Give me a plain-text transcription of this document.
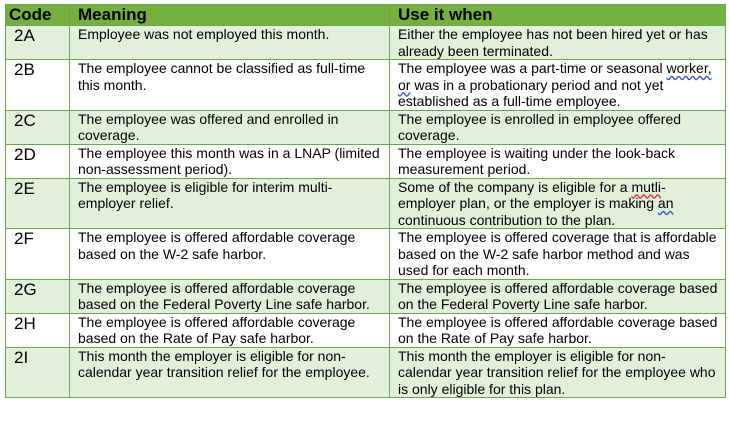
Code	Meaning	Use it when
2A	Employee was not employed this month.	Either the employee has not been hired yet or has already been terminated.
2B	The employee cannot be classified as full-time this month.	The employee was a part-time or seasonal worker, or was in a probationary period and not yet established as a full-time employee.
2C	The employee was offered and enrolled in coverage.	The employee is enrolled in employee offered coverage.
2D	The employee this month was in a LNAP (limited non-assessment period).	The employee is waiting under the look-back measurement period.
2E	The employee is eligible for interim multi-employer relief.	Some of the company is eligible for a mutli-employer plan, or the employer is making an continuous contribution to the plan.
2F	The employee is offered affordable coverage based on the W-2 safe harbor.	The employee is offered coverage that is affordable based on the W-2 safe harbor method and was used for each month.
2G	The employee is offered affordable coverage based on the Federal Poverty Line safe harbor.	The employee is offered affordable coverage based on the Federal Poverty Line safe harbor.
2H	The employee is offered affordable coverage based on the Rate of Pay safe harbor.	The employee is offered affordable coverage based on the Rate of Pay safe harbor.
2I	This month the employer is eligible for non-calendar year transition relief for the employee.	This month the employer is eligible for non-calendar year transition relief for the employee who is only eligible for this plan.
